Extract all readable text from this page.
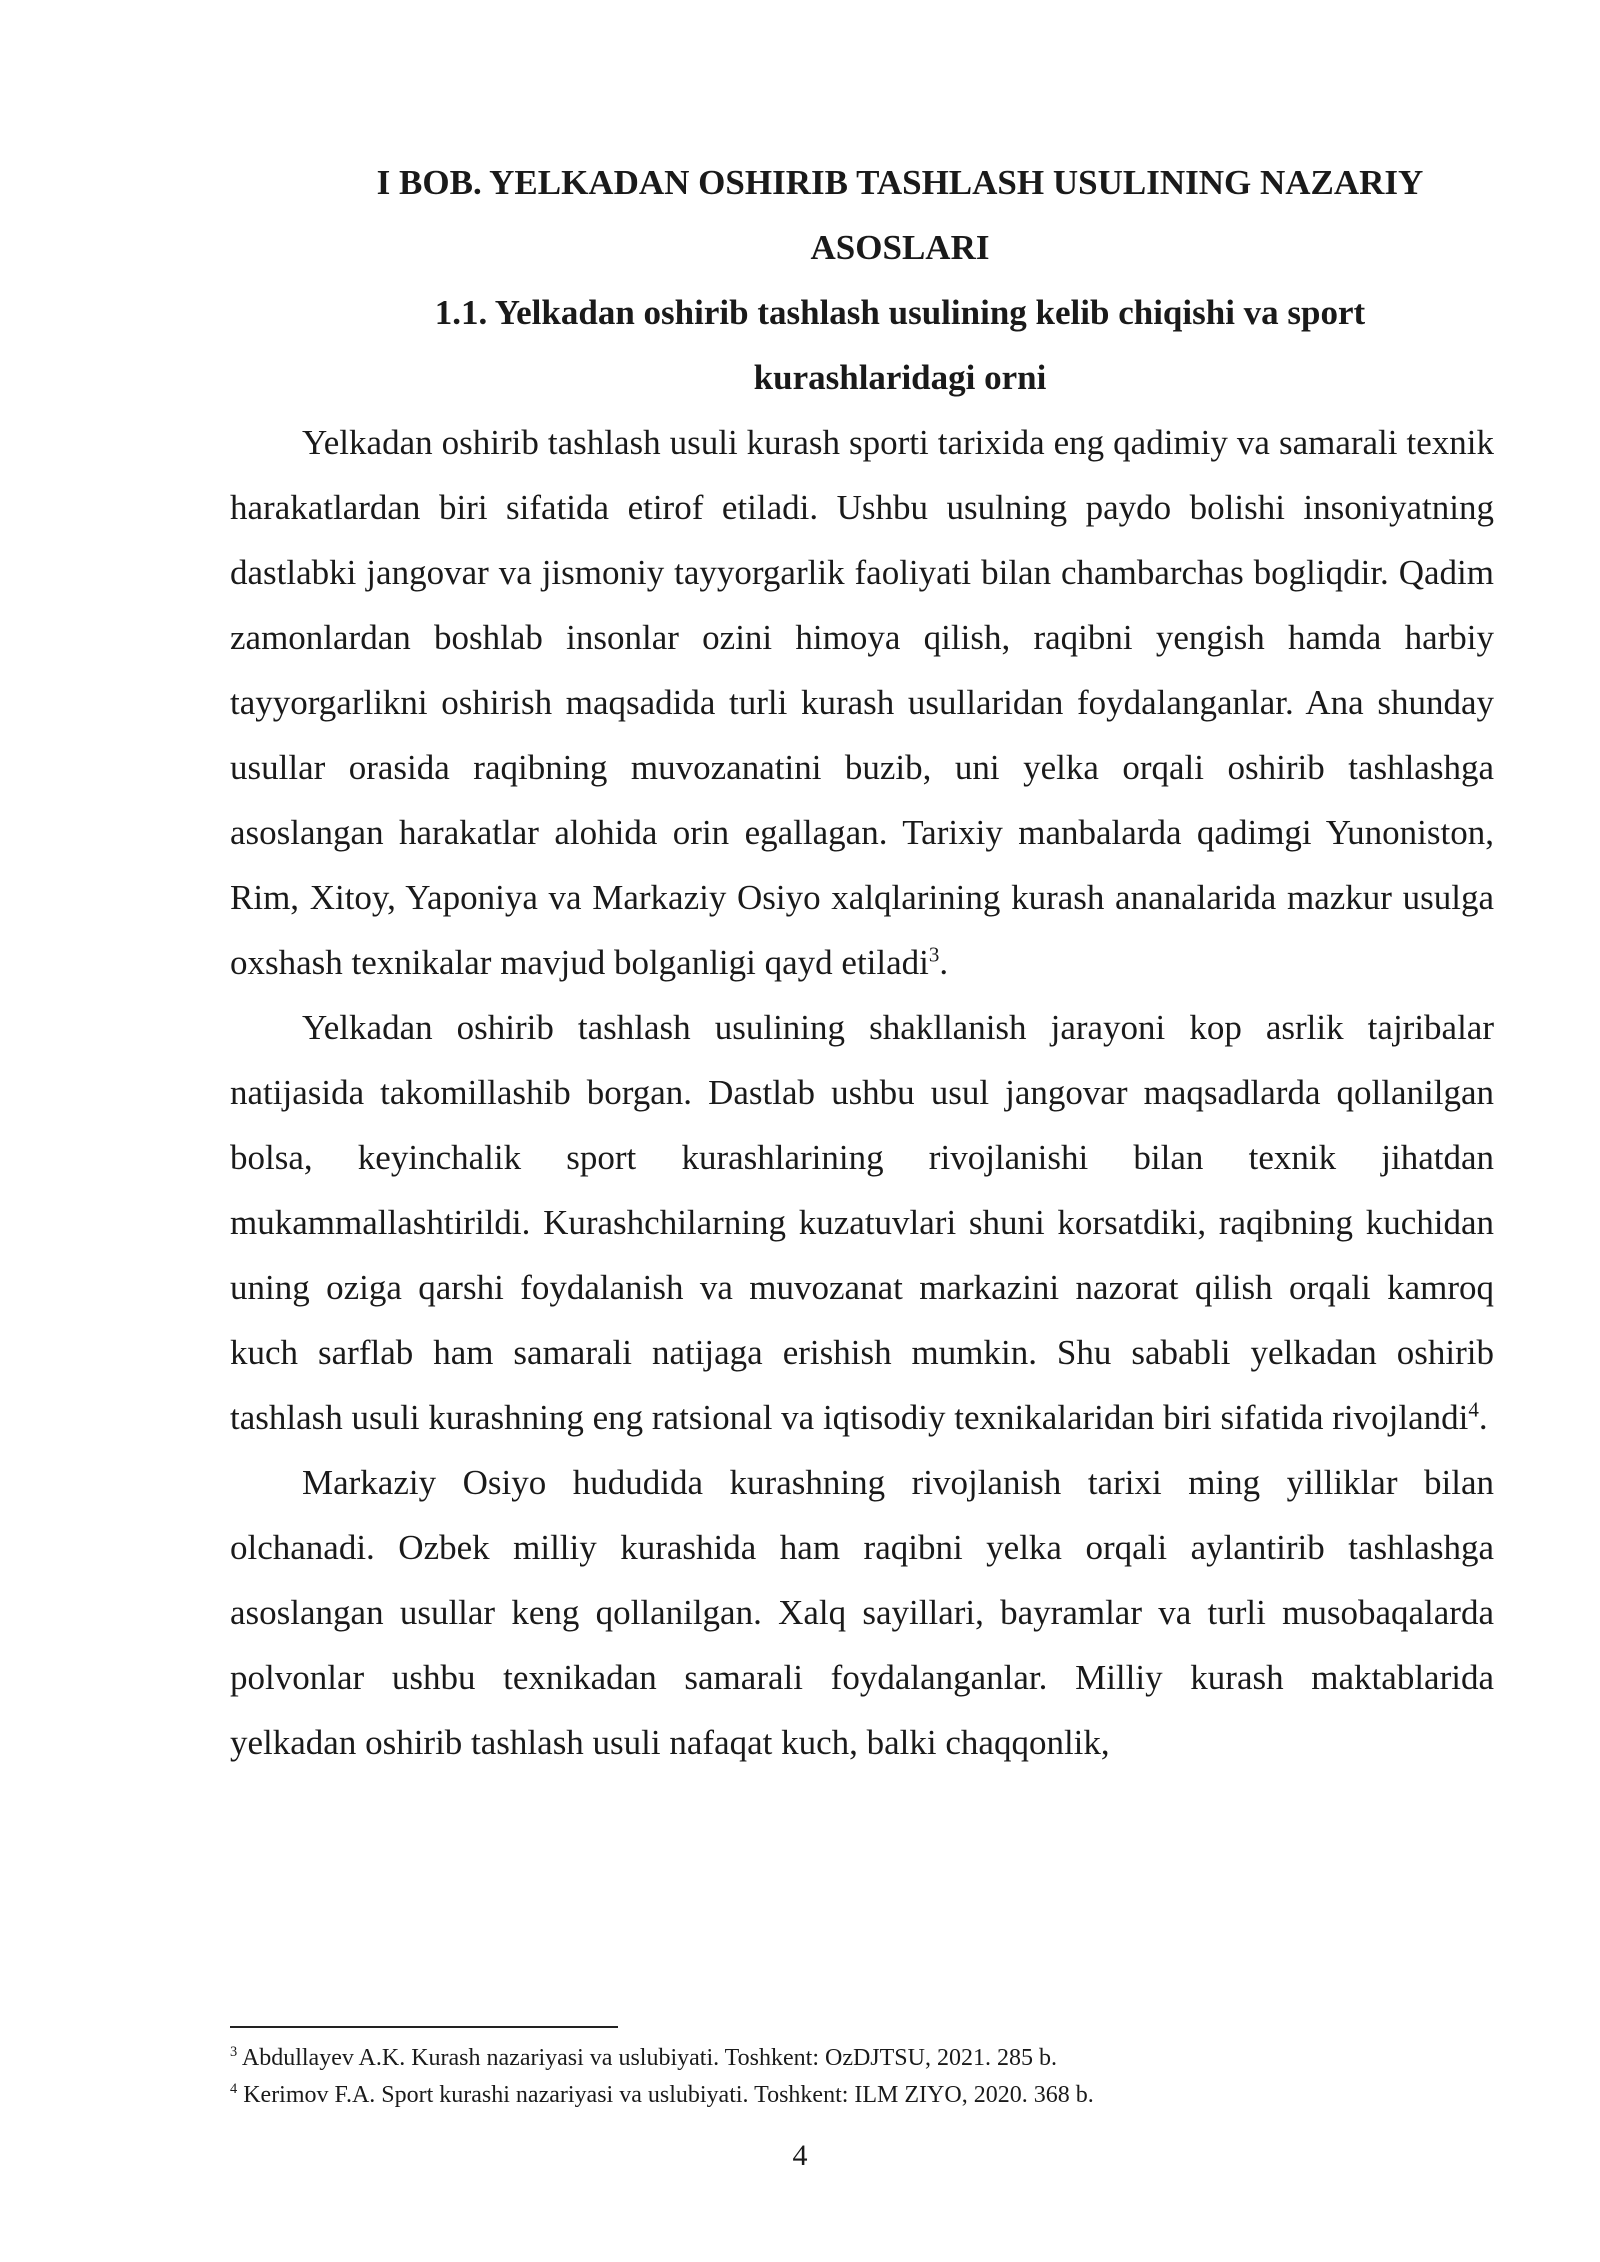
I BOB. YELKADAN OSHIRIB TASHLASH USULINING NAZARIY ASOSLARI
1.1. Yelkadan oshirib tashlash usulining kelib chiqishi va sport kurashlaridagi orni

Yelkadan oshirib tashlash usuli kurash sporti tarixida eng qadimiy va samarali texnik harakatlardan biri sifatida etirof etiladi. Ushbu usulning paydo bolishi insoniyatning dastlabki jangovar va jismoniy tayyorgarlik faoliyati bilan chambarchas bogliqdir. Qadim zamonlardan boshlab insonlar ozini himoya qilish, raqibni yengish hamda harbiy tayyorgarlikni oshirish maqsadida turli kurash usullaridan foydalanganlar. Ana shunday usullar orasida raqibning muvozanatini buzib, uni yelka orqali oshirib tashlashga asoslangan harakatlar alohida orin egallagan. Tarixiy manbalarda qadimgi Yunoniston, Rim, Xitoy, Yaponiya va Markaziy Osiyo xalqlarining kurash ananalarida mazkur usulga oxshash texnikalar mavjud bolganligi qayd etiladi$^3$.

Yelkadan oshirib tashlash usulining shakllanish jarayoni kop asrlik tajribalar natijasida takomillashib borgan. Dastlab ushbu usul jangovar maqsadlarda qollanilgan bolsa, keyinchalik sport kurashlarining rivojlanishi bilan texnik jihatdan mukammallashtirildi. Kurashchilarning kuzatuvlari shuni korsatdiki, raqibning kuchidan uning oziga qarshi foydalanish va muvozanat markazini nazorat qilish orqali kamroq kuch sarflab ham samarali natijaga erishish mumkin. Shu sababli yelkadan oshirib tashlash usuli kurashning eng ratsional va iqtisodiy texnikalaridan biri sifatida rivojlandi$^4$.

Markaziy Osiyo hududida kurashning rivojlanish tarixi ming yilliklar bilan olchanadi. Ozbek milliy kurashida ham raqibni yelka orqali aylantirib tashlashga asoslangan usullar keng qollanilgan. Xalq sayillari, bayramlar va turli musobaqalarda polvonlar ushbu texnikadan samarali foydalanganlar. Milliy kurash maktablarida yelkadan oshirib tashlash usuli nafaqat kuch, balki chaqqonlik,

$^3$ Abdullayev A.K. Kurash nazariyasi va uslubiyati. Toshkent: OzDJTSU, 2021. 285 b.

$^4$ Kerimov F.A. Sport kurashi nazariyasi va uslubiyati. Toshkent: ILM ZIYO, 2020. 368 b.

4
